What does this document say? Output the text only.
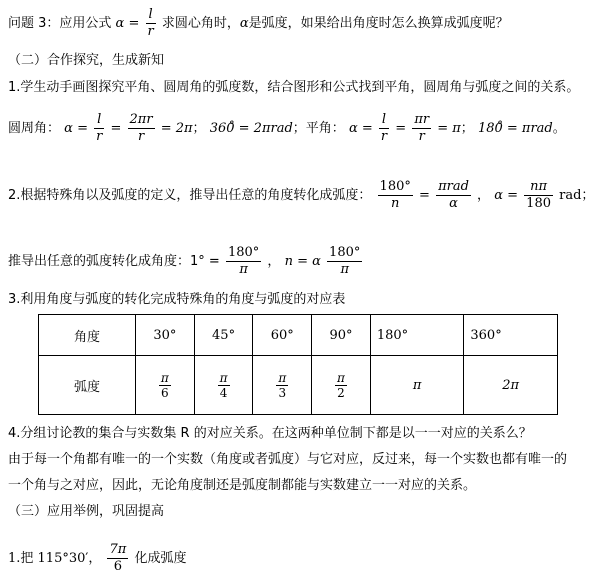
问题 3：应用公式 $\alpha = \frac{l}{r}$ 求圆心角时，α是弧度，如果给出角度时怎么换算成弧度呢？
（二）合作探究，生成新知
1.学生动手画图探究平角、圆周角的弧度数，结合图形和公式找到平角，圆周角与弧度之间的关系。
圆周角： $\alpha = \frac{l}{r} = \frac{2\pi r}{r} = 2\pi$； 360̊ = 2πrad；平角： $\alpha = \frac{l}{r} = \frac{\pi r}{r} = \pi$； 180̊ = πrad。
2.根据特殊角以及弧度的定义，推导出任意的角度转化成弧度： $\frac{180^\circ}{n} = \frac{\text{πrad}}{\alpha}$ ， $\alpha = \frac{n\pi}{180}$ rad；
推导出任意的弧度转化成角度：$1^\circ = \frac{180^\circ}{\pi}$ ， n = α $\frac{180^\circ}{\pi}$
3.利用角度与弧度的转化完成特殊角的角度与弧度的对应表
角度	30°	45°	60°	90°	180°	360°
弧度	$\frac{\pi}{6}$	$\frac{\pi}{4}$	$\frac{\pi}{3}$	$\frac{\pi}{2}$	π	2π
4.分组讨论教的集合与实数集 R 的对应关系。在这两种单位制下都是以一一对应的关系么？
由于每一个角都有唯一的一个实数（角度或者弧度）与它对应，反过来，每一个实数也都有唯一的
一个角与之对应，因此，无论角度制还是弧度制都能与实数建立一一对应的关系。
（三）应用举例，巩固提高
1.把 115°30′， $\frac{7\pi}{6}$ 化成弧度
